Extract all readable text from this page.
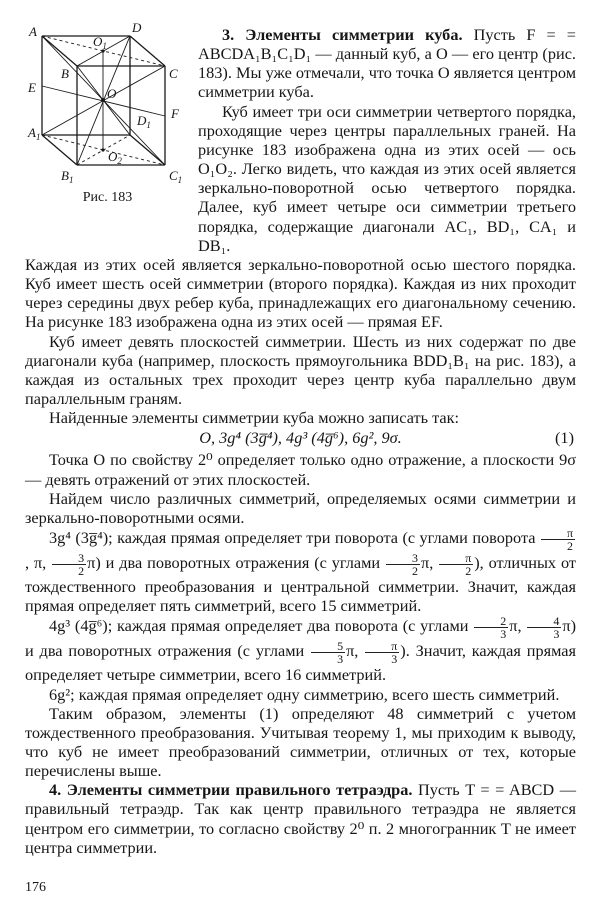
A	D
$O_1$
B	C
E
F
O
$D_1$
$A_1$
$O_2$
$B_1$	$C_1$
Рис. 183

3. Элементы симметрии куба. Пусть F = = ABCDA₁B₁C₁D₁ — данный куб, а O — его центр (рис. 183). Мы уже отмечали, что точка O является центром симметрии куба.

Куб имеет три оси симметрии четвертого порядка, проходящие через центры параллельных граней. На рисунке 183 изображена одна из этих осей — ось O₁O₂. Легко видеть, что каждая из этих осей является зеркально-поворотной осью четвертого порядка. Далее, куб имеет четыре оси симметрии третьего порядка, содержащие диагонали AC₁, BD₁, CA₁ и DB₁.

Каждая из этих осей является зеркально-поворотной осью шестого порядка. Куб имеет шесть осей симметрии (второго порядка). Каждая из них проходит через середины двух ребер куба, принадлежащих его диагональному сечению. На рисунке 183 изображена одна из этих осей — прямая EF.

Куб имеет девять плоскостей симметрии. Шесть из них содержат по две диагонали куба (например, плоскость прямоугольника BDD₁B₁ на рис. 183), а каждая из остальных трех проходит через центр куба параллельно двум параллельным граням.

Найденные элементы симметрии куба можно записать так:

O, 3g⁴ (3g̅⁴), 4g³ (4g̅⁶), 6g², 9σ.	(1)

Точка O по свойству 2⁰ определяет только одно отражение, а плоскости 9σ — девять отражений от этих плоскостей.

Найдем число различных симметрий, определяемых осями симметрии и зеркально-поворотными осями.

3g⁴ (3g̅⁴); каждая прямая определяет три поворота (с углами поворота $\frac{\pi}{2}$
, π, $\frac{3}{2} \pi$) и два поворотных отражения (с углами $\frac{3}{2} \pi$, $\frac{\pi}{2}$ ), отличных от тождественного преобразования и центральной симметрии. Значит, каждая прямая определяет пять симметрий, всего 15 симметрий.

4g³ (4g̅⁶); каждая прямая определяет два поворота (с углами $\frac{2}{3} \pi$, $\frac{4}{3} \pi$) и два поворотных отражения (с углами $\frac{5}{3} \pi$, $\frac{\pi}{3}$ ). Значит, каждая прямая определяет четыре симметрии, всего 16 симметрий.

6g²; каждая прямая определяет одну симметрию, всего шесть симметрий.

Таким образом, элементы (1) определяют 48 симметрий с учетом тождественного преобразования. Учитывая теорему 1, мы приходим к выводу, что куб не имеет преобразований симметрии, отличных от тех, которые перечислены выше.

4. Элементы симметрии правильного тетраэдра. Пусть T = = ABCD — правильный тетраэдр. Так как центр правильного тетраэдра не является центром его симметрии, то согласно свойству 2⁰ п. 2 многогранник T не имеет центра симметрии.

176
